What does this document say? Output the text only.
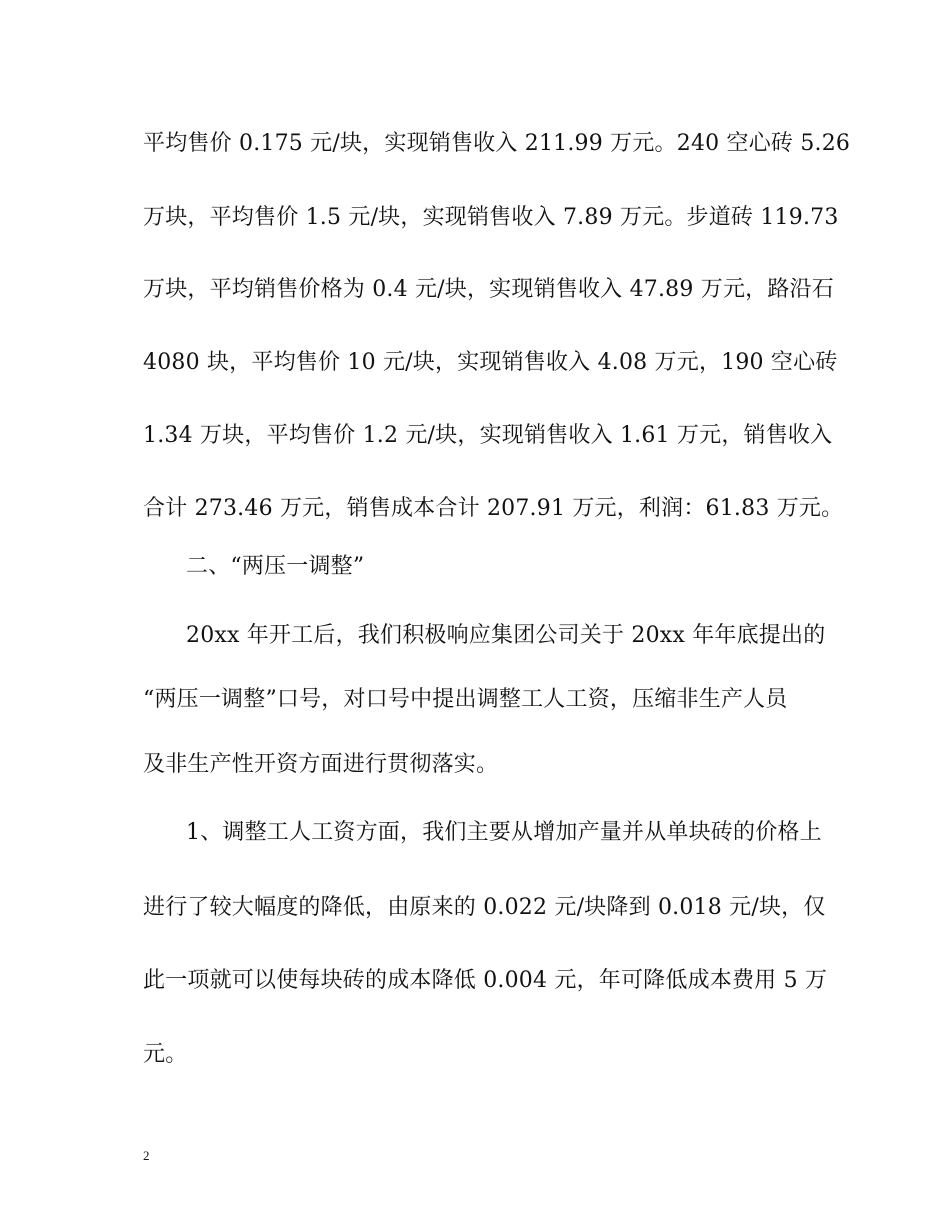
平均售价 0.175 元/块，实现销售收入 211.99 万元。240 空心砖 5.26
万块，平均售价 1.5 元/块，实现销售收入 7.89 万元。步道砖 119.73
万块，平均销售价格为 0.4 元/块，实现销售收入 47.89 万元，路沿石
4080 块，平均售价 10 元/块，实现销售收入 4.08 万元，190 空心砖
1.34 万块，平均售价 1.2 元/块，实现销售收入 1.61 万元，销售收入
合计 273.46 万元，销售成本合计 207.91 万元，利润：61.83 万元。
二、“两压一调整”
20xx 年开工后，我们积极响应集团公司关于 20xx 年年底提出的
“两压一调整”口号，对口号中提出调整工人工资，压缩非生产人员
及非生产性开资方面进行贯彻落实。
1、调整工人工资方面，我们主要从增加产量并从单块砖的价格上
进行了较大幅度的降低，由原来的 0.022 元/块降到 0.018 元/块，仅
此一项就可以使每块砖的成本降低 0.004 元，年可降低成本费用 5 万
元。
2
